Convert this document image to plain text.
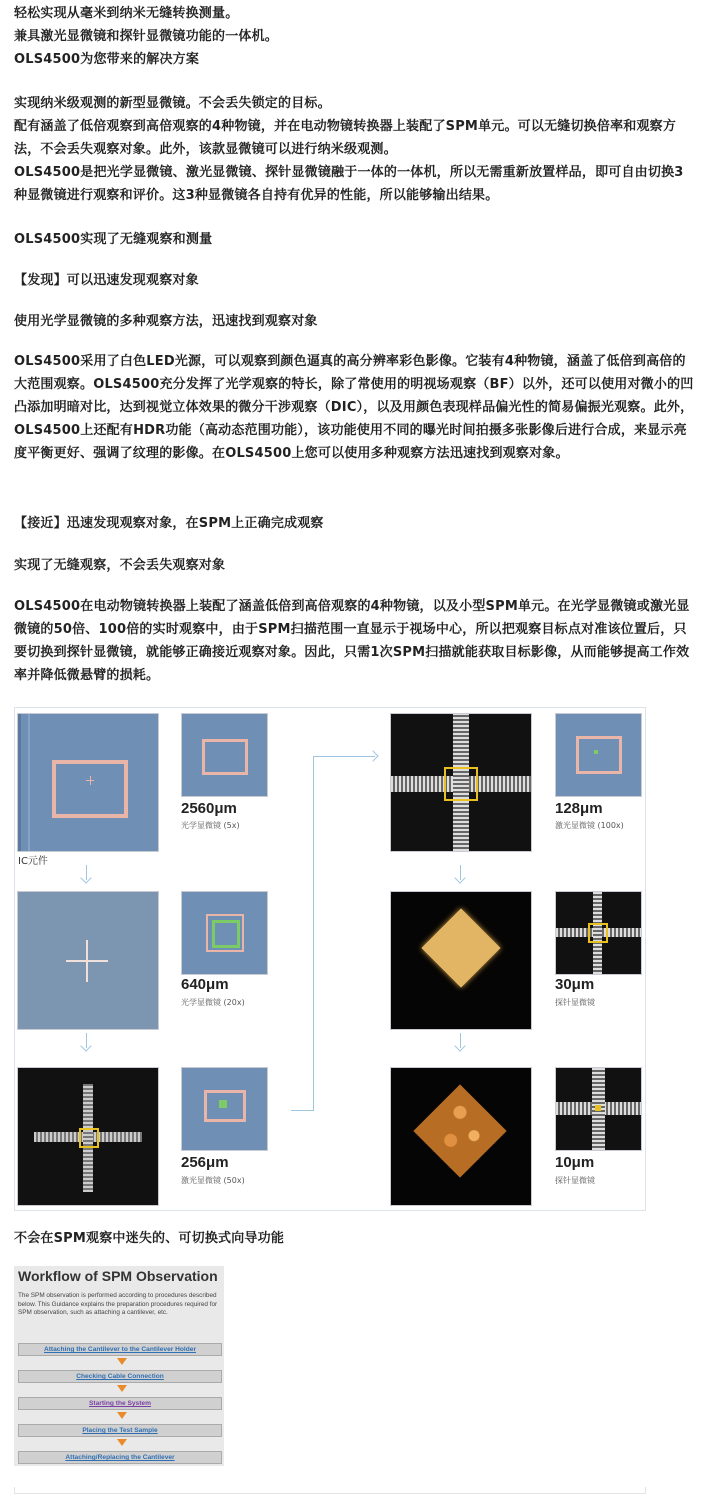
轻松实现从毫米到纳米无缝转换测量。

兼具激光显微镜和探针显微镜功能的一体机。

OLS4500为您带来的解决方案

实现纳米级观测的新型显微镜。不会丢失锁定的目标。

配有涵盖了低倍观察到高倍观察的4种物镜，并在电动物镜转换器上装配了SPM单元。可以无缝切换倍率和观察方法，不会丢失观察对象。此外，该款显微镜可以进行纳米级观测。

OLS4500是把光学显微镜、激光显微镜、探针显微镜融于一体的一体机，所以无需重新放置样品，即可自由切换3种显微镜进行观察和评价。这3种显微镜各自持有优异的性能，所以能够输出结果。

OLS4500实现了无缝观察和测量

【发现】可以迅速发现观察对象

使用光学显微镜的多种观察方法，迅速找到观察对象

OLS4500采用了白色LED光源，可以观察到颜色逼真的高分辨率彩色影像。它装有4种物镜，涵盖了低倍到高倍的大范围观察。OLS4500充分发挥了光学观察的特长，除了常使用的明视场观察（BF）以外，还可以使用对微小的凹凸添加明暗对比，达到视觉立体效果的微分干涉观察（DIC），以及用颜色表现样品偏光性的简易偏振光观察。此外，OLS4500上还配有HDR功能（高动态范围功能），该功能使用不同的曝光时间拍摄多张影像后进行合成，来显示亮度平衡更好、强调了纹理的影像。在OLS4500上您可以使用多种观察方法迅速找到观察对象。

【接近】迅速发现观察对象，在SPM上正确完成观察

实现了无缝观察，不会丢失观察对象

OLS4500在电动物镜转换器上装配了涵盖低倍到高倍观察的4种物镜，以及小型SPM单元。在光学显微镜或激光显微镜的50倍、100倍的实时观察中，由于SPM扫描范围一直显示于视场中心，所以把观察目标点对准该位置后，只要切换到探针显微镜，就能够正确接近观察对象。因此，只需1次SPM扫描就能获取目标影像，从而能够提高工作效率并降低微悬臂的损耗。

IC元件
2560μm
光学显微镜 (5x)
640μm
光学显微镜 (20x)
256μm
激光显微镜 (50x)
128μm
激光显微镜 (100x)
30μm
探针显微镜
10μm
探针显微镜

不会在SPM观察中迷失的、可切换式向导功能

Workflow of SPM Observation
The SPM observation is performed according to procedures described below. This Guidance explains the preparation procedures required for SPM observation, such as attaching a cantilever, etc.
Attaching the Cantilever to the Cantilever Holder
Checking Cable Connection
Starting the System
Placing the Test Sample
Attaching/Replacing the Cantilever
